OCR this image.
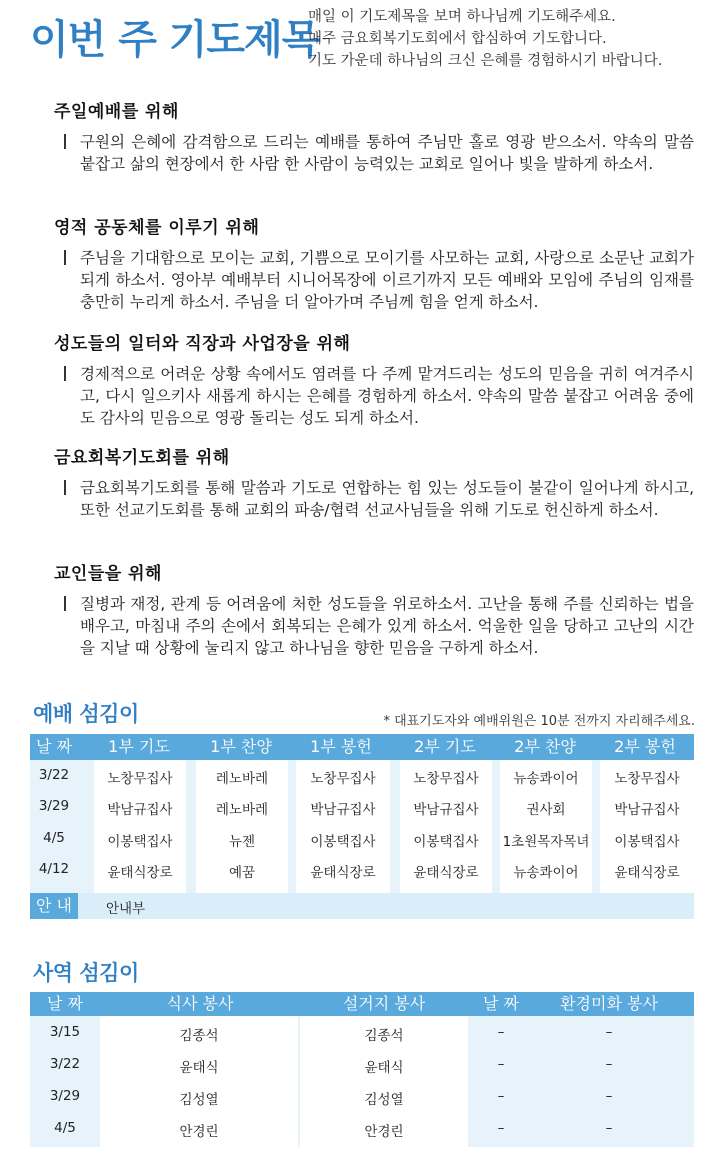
이번 주 기도제목
매일 이 기도제목을 보며 하나님께 기도해주세요.
매주 금요회복기도회에서 합심하여 기도합니다.
기도 가운데 하나님의 크신 은혜를 경험하시기 바랍니다.
주일예배를 위해
구원의 은혜에 감격함으로 드리는 예배를 통하여 주님만 홀로 영광 받으소서. 약속의 말씀 붙잡고 삶의 현장에서 한 사람 한 사람이 능력있는 교회로 일어나 빛을 발하게 하소서.
영적 공동체를 이루기 위해
주님을 기대함으로 모이는 교회, 기쁨으로 모이기를 사모하는 교회, 사랑으로 소문난 교회가 되게 하소서. 영아부 예배부터 시니어목장에 이르기까지 모든 예배와 모임에 주님의 임재를 충만히 누리게 하소서. 주님을 더 알아가며 주님께 힘을 얻게 하소서.
성도들의 일터와 직장과 사업장을 위해
경제적으로 어려운 상황 속에서도 염려를 다 주께 맡겨드리는 성도의 믿음을 귀히 여겨주시고, 다시 일으키사 새롭게 하시는 은혜를 경험하게 하소서. 약속의 말씀 붙잡고 어려움 중에도 감사의 믿음으로 영광 돌리는 성도 되게 하소서.
금요회복기도회를 위해
금요회복기도회를 통해 말씀과 기도로 연합하는 힘 있는 성도들이 불같이 일어나게 하시고, 또한 선교기도회를 통해 교회의 파송/협력 선교사님들을 위해 기도로 헌신하게 하소서.
교인들을 위해
질병과 재정, 관계 등 어려움에 처한 성도들을 위로하소서. 고난을 통해 주를 신뢰하는 법을 배우고, 마침내 주의 손에서 회복되는 은혜가 있게 하소서. 억울한 일을 당하고 고난의 시간을 지날 때 상황에 눌리지 않고 하나님을 향한 믿음을 구하게 하소서.
예배 섬김이	* 대표기도자와 예배위원은 10분 전까지 자리해주세요.
날 짜	1부 기도	1부 찬양	1부 봉헌	2부 기도	2부 찬양	2부 봉헌
3/22	노창무집사	레노바레	노창무집사	노창무집사	뉴송콰이어	노창무집사
3/29	박남규집사	레노바레	박남규집사	박남규집사	권사회	박남규집사
4/5	이봉택집사	뉴젠	이봉택집사	이봉택집사	1초원목자목녀	이봉택집사
4/12	윤태식장로	예꿈	윤태식장로	윤태식장로	뉴송콰이어	윤태식장로
안 내	안내부
사역 섬김이
날 짜	식사 봉사	설거지 봉사	날 짜	환경미화 봉사
3/15	김종석	김종석	–	–
3/22	윤태식	윤태식	–	–
3/29	김성열	김성열	–	–
4/5	안경린	안경린	–	–
